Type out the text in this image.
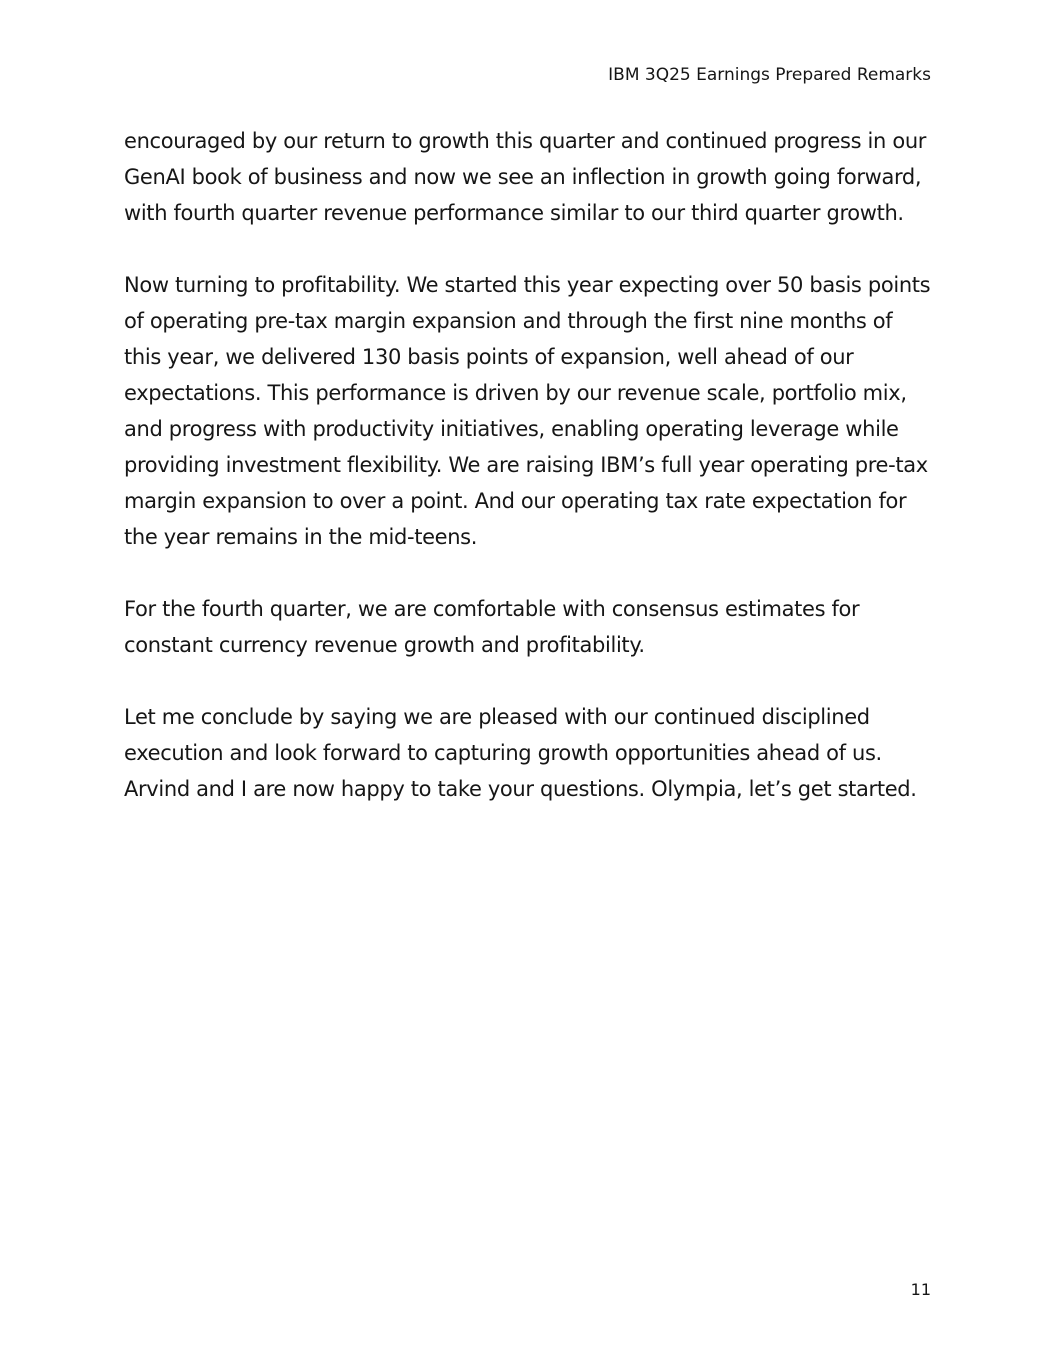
IBM 3Q25 Earnings Prepared Remarks

encouraged by our return to growth this quarter and continued progress in our GenAI book of business and now we see an inflection in growth going forward, with fourth quarter revenue performance similar to our third quarter growth.

Now turning to profitability. We started this year expecting over 50 basis points of operating pre-tax margin expansion and through the first nine months of this year, we delivered 130 basis points of expansion, well ahead of our expectations. This performance is driven by our revenue scale, portfolio mix, and progress with productivity initiatives, enabling operating leverage while providing investment flexibility. We are raising IBM’s full year operating pre-tax margin expansion to over a point. And our operating tax rate expectation for the year remains in the mid-teens.

For the fourth quarter, we are comfortable with consensus estimates for constant currency revenue growth and profitability.

Let me conclude by saying we are pleased with our continued disciplined execution and look forward to capturing growth opportunities ahead of us. Arvind and I are now happy to take your questions. Olympia, let’s get started.

11
